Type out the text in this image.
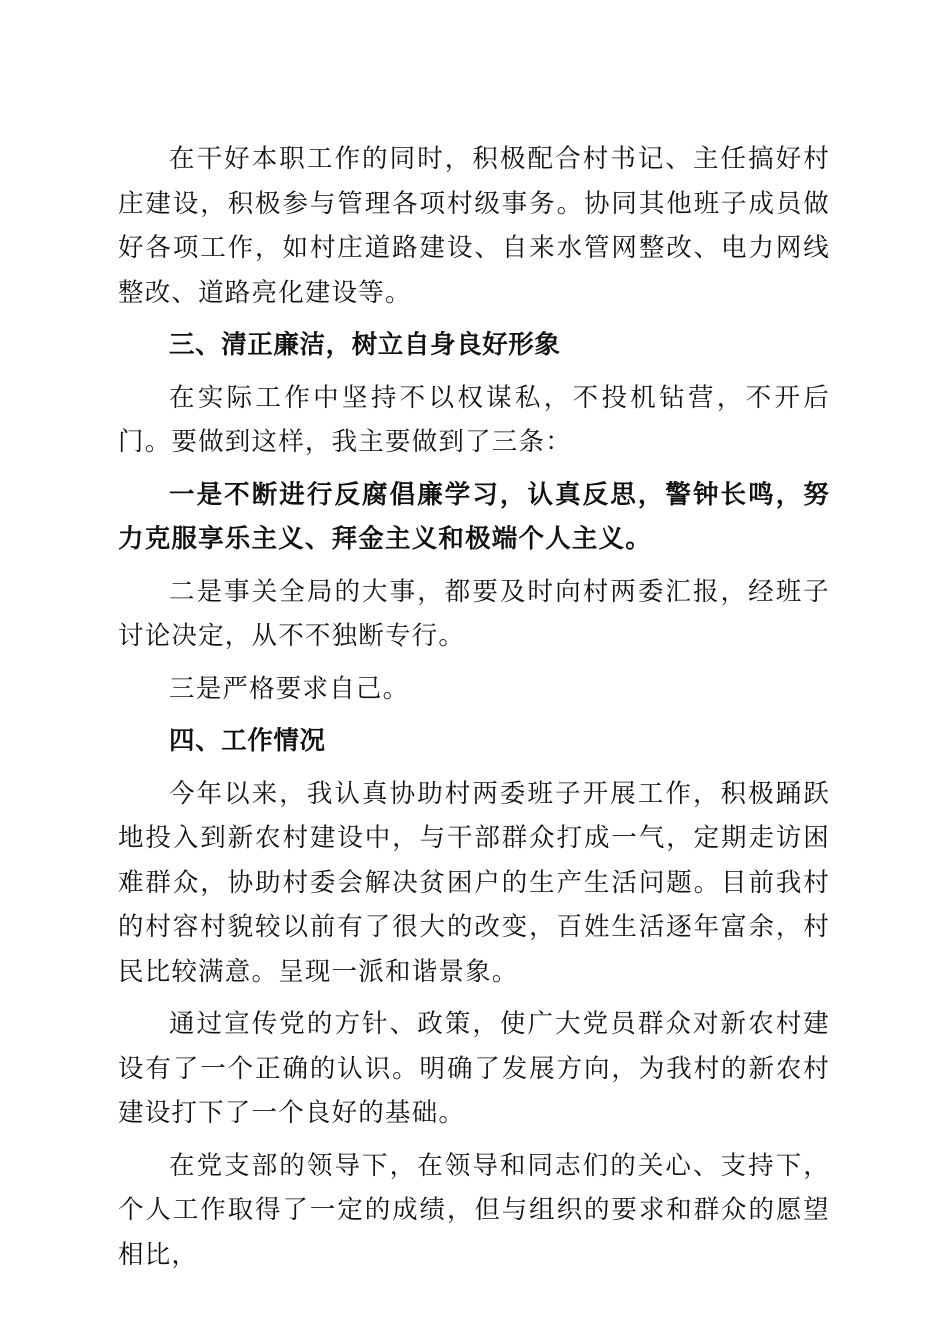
在干好本职工作的同时，积极配合村书记、主任搞好村庄建设，积极参与管理各项村级事务。协同其他班子成员做好各项工作，如村庄道路建设、自来水管网整改、电力网线整改、道路亮化建设等。

三、清正廉洁，树立自身良好形象

在实际工作中坚持不以权谋私，不投机钻营，不开后门。要做到这样，我主要做到了三条：

一是不断进行反腐倡廉学习，认真反思，警钟长鸣，努力克服享乐主义、拜金主义和极端个人主义。

二是事关全局的大事，都要及时向村两委汇报，经班子讨论决定，从不不独断专行。

三是严格要求自己。

四、工作情况

今年以来，我认真协助村两委班子开展工作，积极踊跃地投入到新农村建设中，与干部群众打成一气，定期走访困难群众，协助村委会解决贫困户的生产生活问题。目前我村的村容村貌较以前有了很大的改变，百姓生活逐年富余，村民比较满意。呈现一派和谐景象。

通过宣传党的方针、政策，使广大党员群众对新农村建设有了一个正确的认识。明确了发展方向，为我村的新农村建设打下了一个良好的基础。

在党支部的领导下，在领导和同志们的关心、支持下，个人工作取得了一定的成绩，但与组织的要求和群众的愿望相比，
